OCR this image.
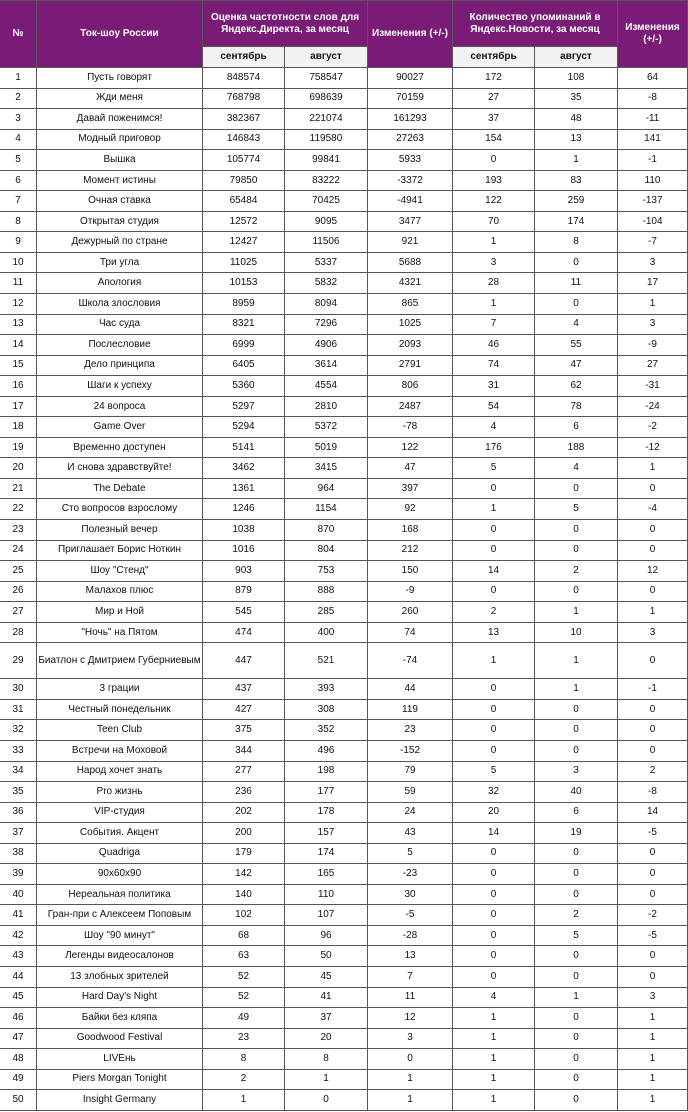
№	Ток-шоу России	Оценка частотности слов для Яндекс.Директа, за месяц		Изменения (+/-)	Количество упоминаний в Яндекс.Новости, за месяц		Изменения (+/-)
		сентябрь	август		сентябрь	август	
1	Пусть говорят	848574	758547	90027	172	108	64
2	Жди меня	768798	698639	70159	27	35	-8
3	Давай поженимся!	382367	221074	161293	37	48	-11
4	Модный приговор	146843	119580	27263	154	13	141
5	Вышка	105774	99841	5933	0	1	-1
6	Момент истины	79850	83222	-3372	193	83	110
7	Очная ставка	65484	70425	-4941	122	259	-137
8	Открытая студия	12572	9095	3477	70	174	-104
9	Дежурный по стране	12427	11506	921	1	8	-7
10	Три угла	11025	5337	5688	3	0	3
11	Апология	10153	5832	4321	28	11	17
12	Школа злословия	8959	8094	865	1	0	1
13	Час суда	8321	7296	1025	7	4	3
14	Послесловие	6999	4906	2093	46	55	-9
15	Дело принципа	6405	3614	2791	74	47	27
16	Шаги к успеху	5360	4554	806	31	62	-31
17	24 вопроса	5297	2810	2487	54	78	-24
18	Game Over	5294	5372	-78	4	6	-2
19	Временно доступен	5141	5019	122	176	188	-12
20	И снова здравствуйте!	3462	3415	47	5	4	1
21	The Debate	1361	964	397	0	0	0
22	Сто вопросов взрослому	1246	1154	92	1	5	-4
23	Полезный вечер	1038	870	168	0	0	0
24	Приглашает Борис Ноткин	1016	804	212	0	0	0
25	Шоу "Стенд"	903	753	150	14	2	12
26	Малахов плюс	879	888	-9	0	0	0
27	Мир и Ной	545	285	260	2	1	1
28	"Ночь" на Пятом	474	400	74	13	10	3
29	Биатлон с Дмитрием Губерниевым	447	521	-74	1	1	0
30	3 грации	437	393	44	0	1	-1
31	Честный понедельник	427	308	119	0	0	0
32	Teen Club	375	352	23	0	0	0
33	Встречи на Моховой	344	496	-152	0	0	0
34	Народ хочет знать	277	198	79	5	3	2
35	Pro жизнь	236	177	59	32	40	-8
36	VIP-студия	202	178	24	20	6	14
37	События. Акцент	200	157	43	14	19	-5
38	Quadriga	179	174	5	0	0	0
39	90x60x90	142	165	-23	0	0	0
40	Нереальная политика	140	110	30	0	0	0
41	Гран-при с Алексеем Поповым	102	107	-5	0	2	-2
42	Шоу "90 минут"	68	96	-28	0	5	-5
43	Легенды видеосалонов	63	50	13	0	0	0
44	13 злобных зрителей	52	45	7	0	0	0
45	Hard Day's Night	52	41	11	4	1	3
46	Байки без кляпа	49	37	12	1	0	1
47	Goodwood Festival	23	20	3	1	0	1
48	LIVEнь	8	8	0	1	0	1
49	Piers Morgan Tonight	2	1	1	1	0	1
50	Insight Germany	1	0	1	1	0	1
